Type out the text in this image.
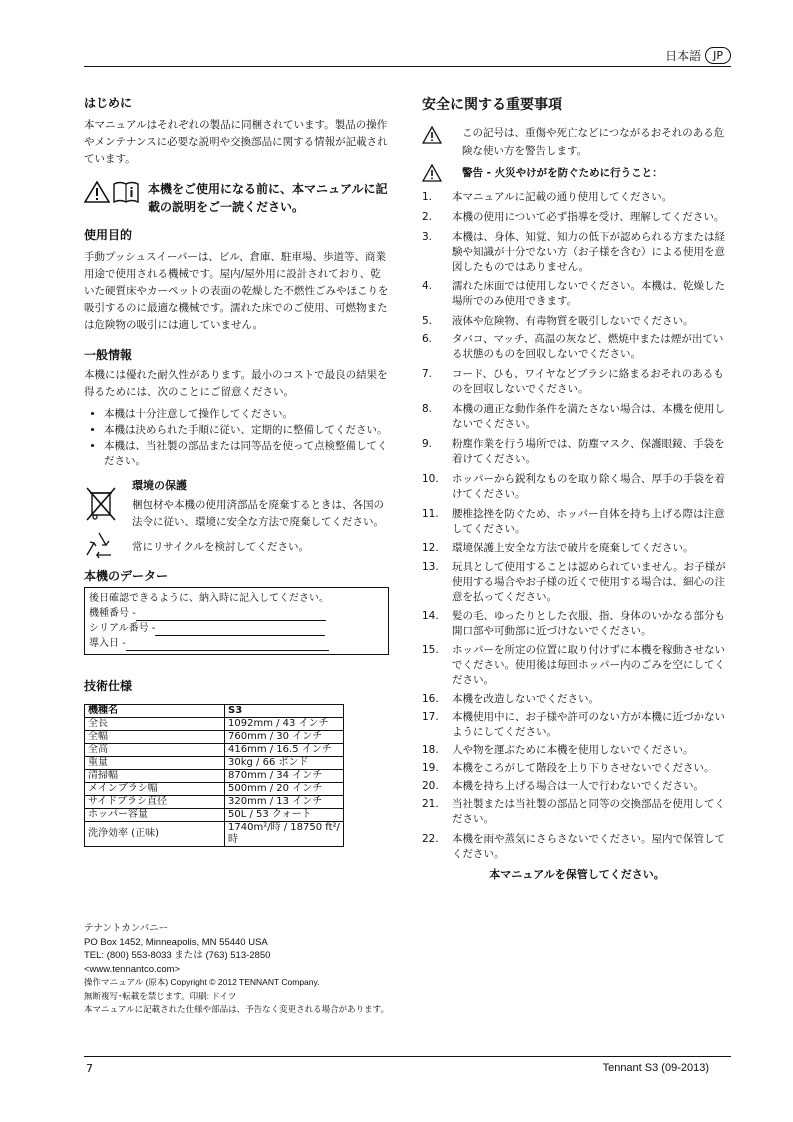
日本語	JP
はじめに

本マニュアルはそれぞれの製品に同梱されています。製品の操作やメンテナンスに必要な説明や交換部品に関する情報が記載されています。

本機をご使用になる前に、本マニュアルに記載の説明をご一読ください。
使用目的

手動プッシュスイーパーは、ビル、倉庫、駐車場、歩道等、商業用途で使用される機械です。屋内/屋外用に設計されており、乾いた硬質床やカーペットの表面の乾燥した不燃性ごみやほこりを吸引するのに最適な機械です。濡れた床でのご使用、可燃物または危険物の吸引には適していません。

一般情報

本機には優れた耐久性があります。最小のコストで最良の結果を得るためには、次のことにご留意ください。

• 本機は十分注意して操作してください。
• 本機は決められた手順に従い、定期的に整備してください。
• 本機は、当社製の部品または同等品を使って点検整備してください。
環境の保護

梱包材や本機の使用済部品を廃棄するときは、各国の法令に従い、環境に安全な方法で廃棄してください。

常にリサイクルを検討してください。

本機のデーター
後日確認できるように、納入時に記入してください。
機種番号 -
シリアル番号 -
導入日 -
技術仕様
機種名	S3
全長	1092mm / 43 インチ
全幅	760mm / 30 インチ
全高	416mm / 16.5 インチ
重量	30kg / 66 ポンド
清掃幅	870mm / 34 インチ
メインブラシ幅	500mm / 20 インチ
サイドブラシ直径	320mm / 13 インチ
ホッパー容量	50L / 53 クォート
洗浄効率 (正味)	1740m²/時 / 18750 ft²/時
テナントカンパニー
PO Box 1452, Minneapolis, MN 55440 USA
TEL: (800) 553-8033 または (763) 513-2850
<www.tennantco.com>
操作マニュアル (原本) Copyright © 2012 TENNANT Company.
無断複写･転載を禁じます。印刷: ドイツ
本マニュアルに記載された仕様や部品は、予告なく変更される場合があります。
安全に関する重要事項

この記号は、重傷や死亡などにつながるおそれのある危険な使い方を警告します。

警告 - 火災やけがを防ぐために行うこと：

1.	本マニュアルに記載の通り使用してください。
2.	本機の使用について必ず指導を受け、理解してください。
3.	本機は、身体、知覚、知力の低下が認められる方または経験や知識が十分でない方（お子様を含む）による使用を意図したものではありません。
4.	濡れた床面では使用しないでください。本機は、乾燥した場所でのみ使用できます。
5.	液体や危険物、有毒物質を吸引しないでください。
6.	タバコ、マッチ、高温の灰など、燃焼中または煙が出ている状態のものを回収しないでください。
7.	コード、ひも、ワイヤなどブラシに絡まるおそれのあるものを回収しないでください。
8.	本機の適正な動作条件を満たさない場合は、本機を使用しないでください。
9.	粉塵作業を行う場所では、防塵マスク、保護眼鏡、手袋を着けてください。
10.	ホッパーから鋭利なものを取り除く場合、厚手の手袋を着けてください。
11.	腰椎捻挫を防ぐため、ホッパー自体を持ち上げる際は注意してください。
12.	環境保護上安全な方法で破片を廃棄してください。
13.	玩具として使用することは認められていません。お子様が使用する場合やお子様の近くで使用する場合は、細心の注意を払ってください。
14.	髪の毛、ゆったりとした衣服、指、身体のいかなる部分も開口部や可動部に近づけないでください。
15.	ホッパーを所定の位置に取り付けずに本機を稼動させないでください。使用後は毎回ホッパー内のごみを空にしてください。
16.	本機を改造しないでください。
17.	本機使用中に、お子様や許可のない方が本機に近づかないようにしてください。
18.	人や物を運ぶために本機を使用しないでください。
19.	本機をころがして階段を上り下りさせないでください。
20.	本機を持ち上げる場合は一人で行わないでください。
21.	当社製または当社製の部品と同等の交換部品を使用してください。
22.	本機を雨や蒸気にさらさないでください。屋内で保管してください。
本マニュアルを保管してください。
7	Tennant S3 (09-2013)
